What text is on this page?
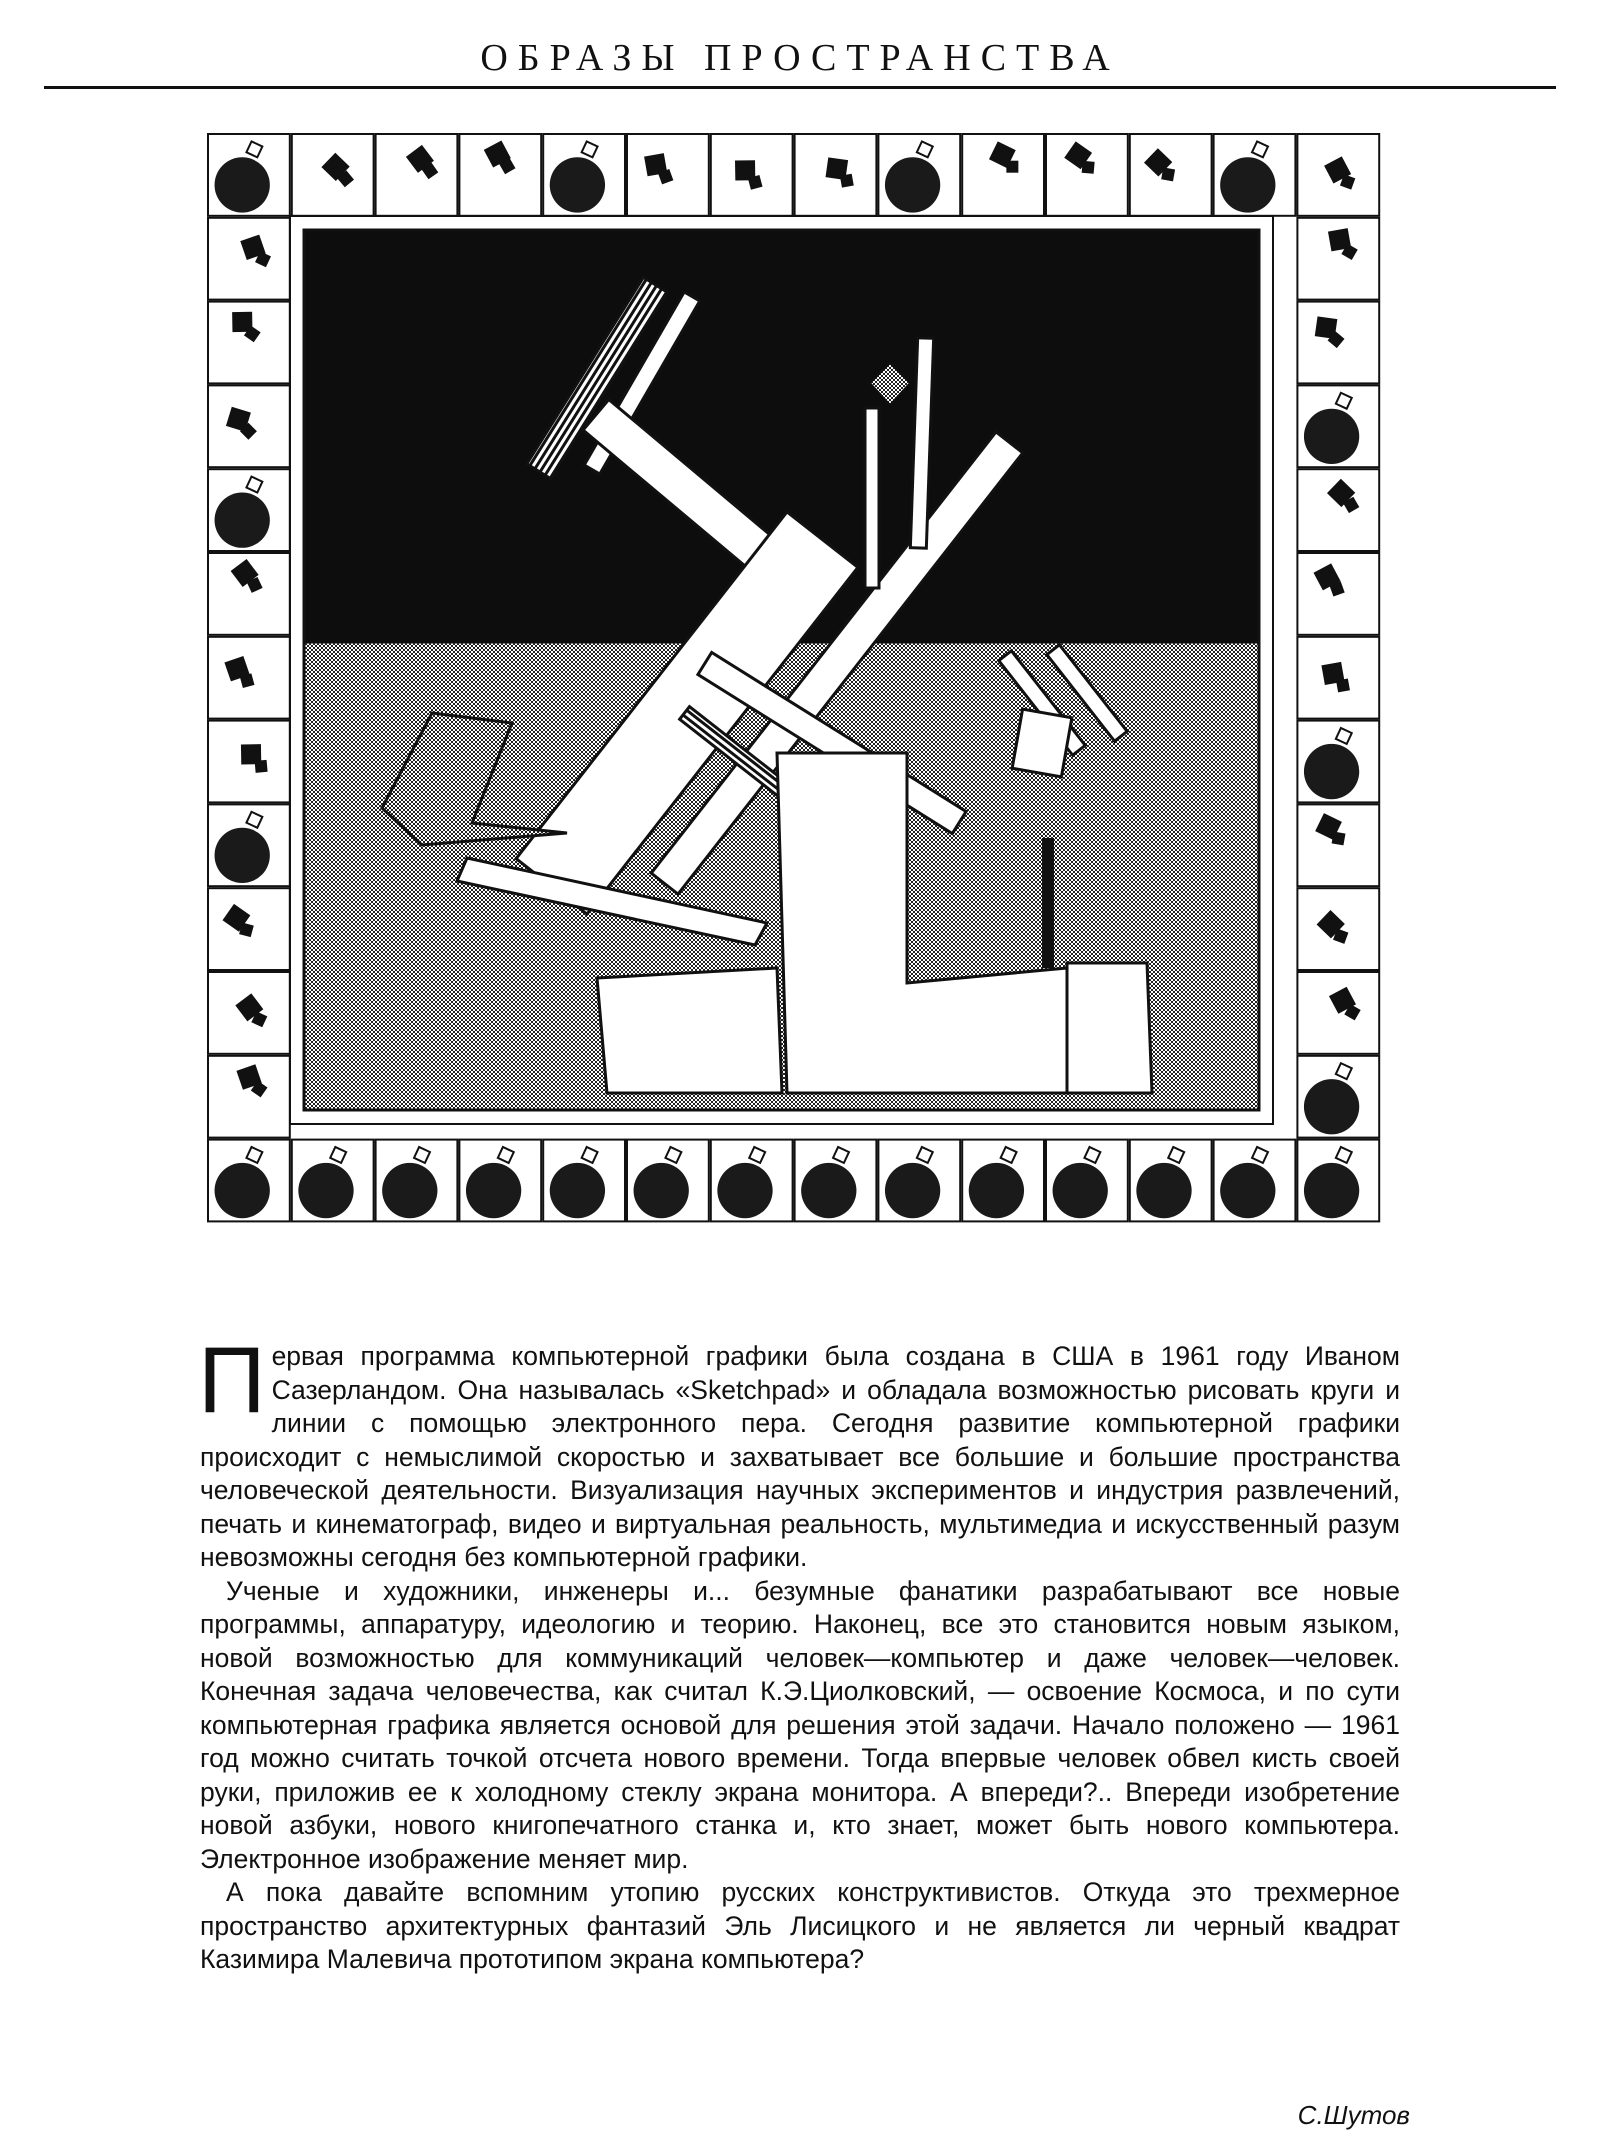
ОБРАЗЫ ПРОСТРАНСТВА

Первая программа компьютерной графики была создана в США в 1961 году Иваном Сазерландом. Она называлась «Sketchpad» и обладала возможностью рисовать круги и линии с помощью электронного пера. Сегодня развитие компьютерной графики происходит с немыслимой скоростью и захватывает все большие и большие пространства человеческой деятельности. Визуализация научных экспериментов и индустрия развлечений, печать и кинематограф, видео и виртуальная реальность, мультимедиа и искусственный разум невозможны сегодня без компьютерной графики.

Ученые и художники, инженеры и... безумные фанатики разрабатывают все новые программы, аппаратуру, идеологию и теорию. Наконец, все это становится новым языком, новой возможностью для коммуникаций человек—компьютер и даже человек—человек. Конечная задача человечества, как считал К.Э.Циолковский, — освоение Космоса, и по сути компьютерная графика является основой для решения этой задачи. Начало положено — 1961 год можно считать точкой отсчета нового времени. Тогда впервые человек обвел кисть своей руки, приложив ее к холодному стеклу экрана монитора. А впереди?.. Впереди изобретение новой азбуки, нового книгопечатного станка и, кто знает, может быть нового компьютера. Электронное изображение меняет мир.

А пока давайте вспомним утопию русских конструктивистов. Откуда это трехмерное пространство архитектурных фантазий Эль Лисицкого и не является ли черный квадрат Казимира Малевича прототипом экрана компьютера?

С.Шутов
